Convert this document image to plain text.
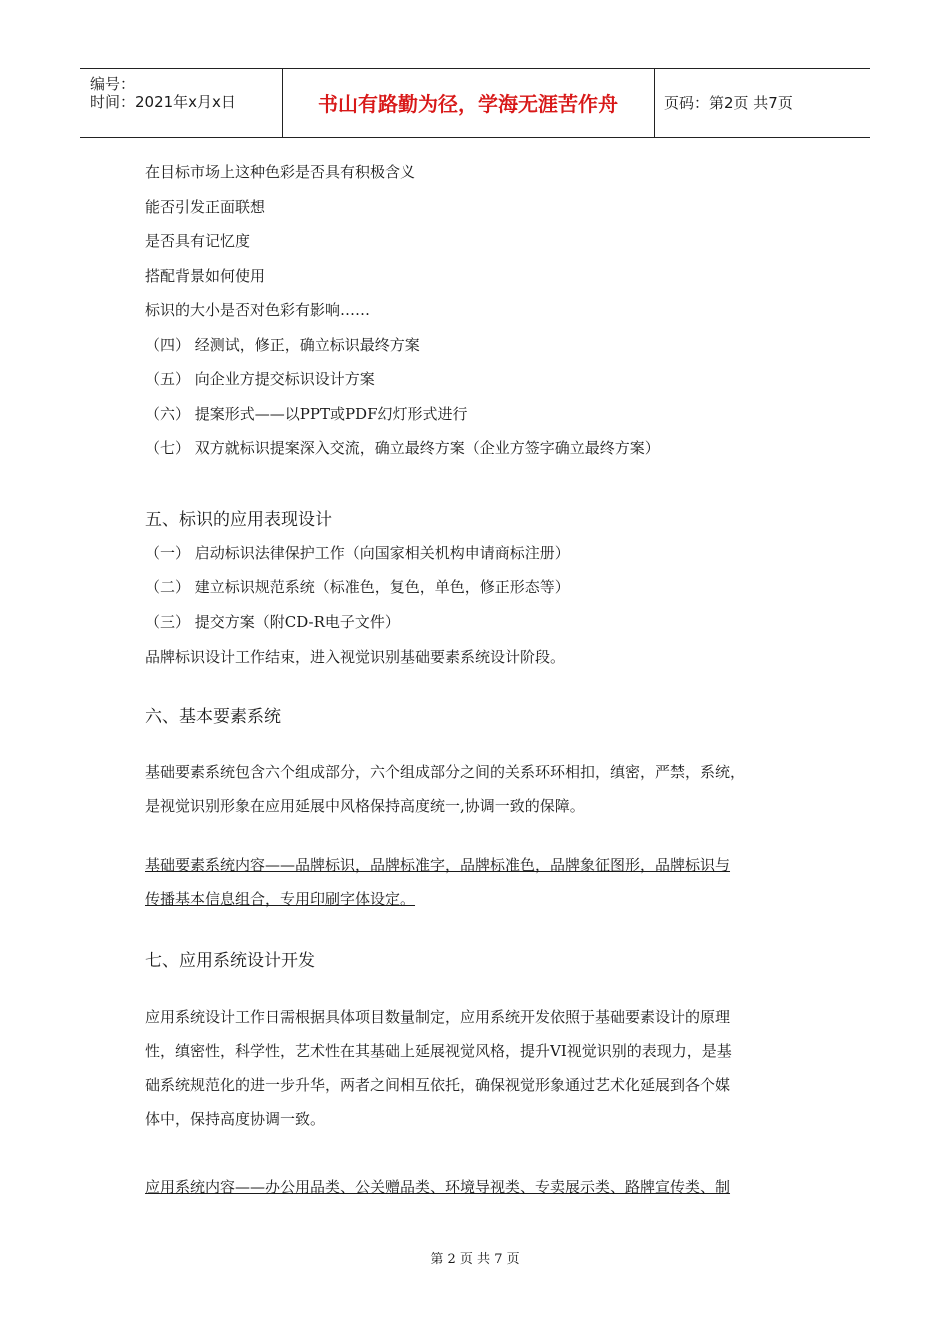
编号：
时间：2021年x月x日	书山有路勤为径，学海无涯苦作舟	页码：第2页 共7页
在目标市场上这种色彩是否具有积极含义
能否引发正面联想
是否具有记忆度
搭配背景如何使用
标识的大小是否对色彩有影响……
（四） 经测试，修正，确立标识最终方案
（五） 向企业方提交标识设计方案
（六） 提案形式——以PPT或PDF幻灯形式进行
（七） 双方就标识提案深入交流，确立最终方案（企业方签字确立最终方案）
五、标识的应用表现设计
（一） 启动标识法律保护工作（向国家相关机构申请商标注册）
（二） 建立标识规范系统（标准色，复色，单色，修正形态等）
（三） 提交方案（附CD-R电子文件）
品牌标识设计工作结束，进入视觉识别基础要素系统设计阶段。
六、基本要素系统
基础要素系统包含六个组成部分，六个组成部分之间的关系环环相扣，缜密，严禁，系统，
是视觉识别形象在应用延展中风格保持高度统一,协调一致的保障。
基础要素系统内容——品牌标识，品牌标准字，品牌标准色，品牌象征图形，品牌标识与
传播基本信息组合，专用印刷字体设定。
七、应用系统设计开发
应用系统设计工作日需根据具体项目数量制定，应用系统开发依照于基础要素设计的原理
性，缜密性，科学性，艺术性在其基础上延展视觉风格，提升VI视觉识别的表现力，是基
础系统规范化的进一步升华，两者之间相互依托，确保视觉形象通过艺术化延展到各个媒
体中，保持高度协调一致。
应用系统内容——办公用品类、公关赠品类、环境导视类、专卖展示类、路牌宣传类、制
第 2 页 共 7 页
